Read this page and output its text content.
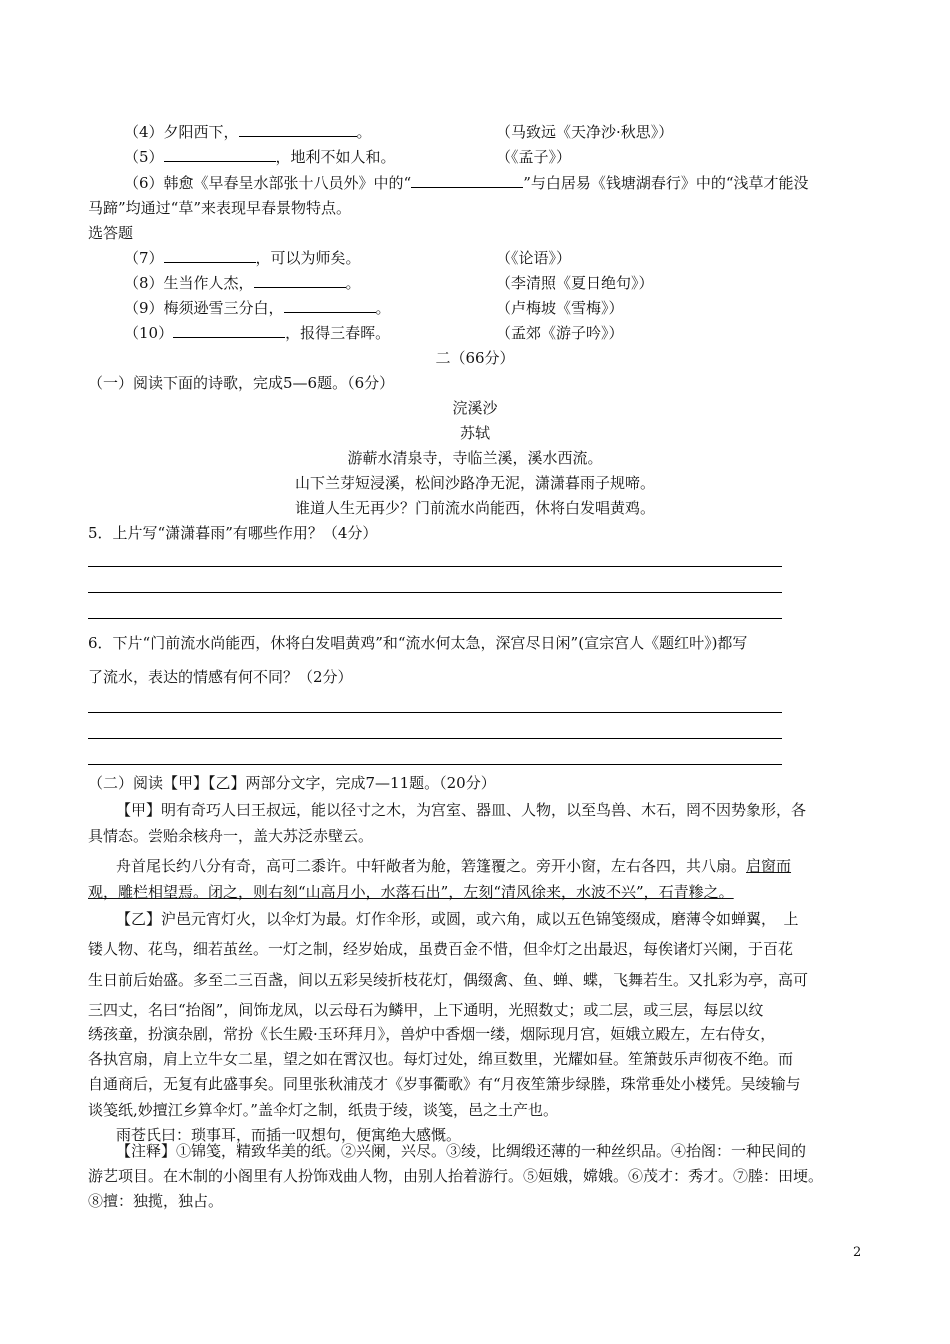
（4）夕阳西下，	。	（马致远《天净沙·秋思》）
（5）	，地利不如人和。	（《孟子》）
（6）韩愈《早春呈水部张十八员外》中的“	”与白居易《钱塘湖春行》中的“浅草才能没
马蹄”均通过“草”来表现早春景物特点。
选答题
（7）	，可以为师矣。	（《论语》）
（8）生当作人杰，	。	（李清照《夏日绝句》）
（9）梅须逊雪三分白，	。	（卢梅坡《雪梅》）
（10）	，报得三春晖。	（孟郊《游子吟》）
二（66分）
（一）阅读下面的诗歌，完成5—6题。（6分）
浣溪沙
苏轼
游蕲水清泉寺，寺临兰溪，溪水西流。
山下兰芽短浸溪，松间沙路净无泥，潇潇暮雨子规啼。
谁道人生无再少？门前流水尚能西，休将白发唱黄鸡。
5．上片写“潇潇暮雨”有哪些作用？（4分）
6．下片“门前流水尚能西，休将白发唱黄鸡”和“流水何太急，深宫尽日闲”(宣宗宫人《题红叶》)都写
了流水，表达的情感有何不同？（2分）
（二）阅读【甲】【乙】两部分文字，完成7—11题。（20分）
【甲】明有奇巧人曰王叔远，能以径寸之木，为宫室、器皿、人物，以至鸟兽、木石，罔不因势象形，各
具情态。尝贻余核舟一，盖大苏泛赤壁云。
舟首尾长约八分有奇，高可二黍许。中轩敞者为舱，箬篷覆之。旁开小窗，左右各四，共八扇。启窗而
观，雕栏相望焉。闭之，则右刻“山高月小，水落石出”，左刻“清风徐来，水波不兴”，石青糁之。
【乙】沪邑元宵灯火，以伞灯为最。灯作伞形，或圆，或六角，咸以五色锦笺缀成，磨薄令如蝉翼，　上
镂人物、花鸟，细若茧丝。一灯之制，经岁始成，虽费百金不惜，但伞灯之出最迟，每俟诸灯兴阑，于百花
生日前后始盛。多至二三百盏，间以五彩吴绫折枝花灯，偶缀禽、鱼、蝉、蝶，飞舞若生。又扎彩为亭，高可
三四丈，名曰“抬阁”，间饰龙凤，以云母石为鳞甲，上下通明，光照数丈；或二层，或三层，每层以纹
绣孩童，扮演杂剧，常扮《长生殿·玉环拜月》，兽炉中香烟一缕，烟际现月宫，姮娥立殿左，左右侍女，
各执宫扇，肩上立牛女二星，望之如在霄汉也。每灯过处，绵亘数里，光耀如昼。笙箫鼓乐声彻夜不绝。而
自通商后，无复有此盛事矣。同里张秋浦茂才《岁事衢歌》有“月夜笙箫步绿塍，珠常垂处小楼凭。吴绫输与
谈笺纸,妙擅江乡算伞灯。”盖伞灯之制，纸贵于绫，谈笺，邑之土产也。
雨苍氏曰：琐事耳，而插一叹想句，便寓绝大感慨。
【注释】①锦笺，精致华美的纸。②兴阑，兴尽。③绫，比绸缎还薄的一种丝织品。④抬阁：一种民间的
游艺项目。在木制的小阁里有人扮饰戏曲人物，由别人抬着游行。⑤姮娥，嫦娥。⑥茂才：秀才。⑦塍：田埂。
⑧擅：独揽，独占。
2
